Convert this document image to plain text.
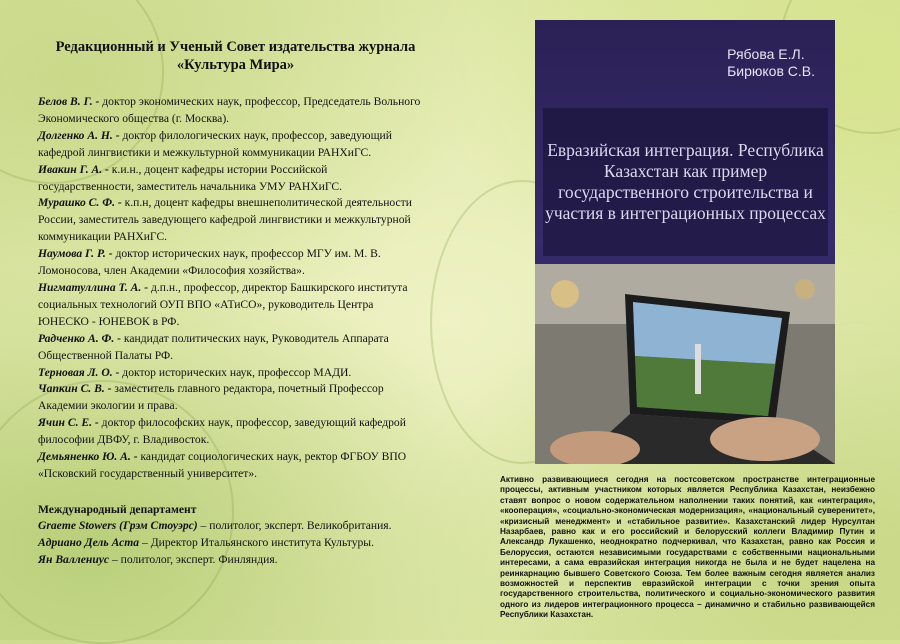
Редакционный и Ученый Совет издательства журнала «Культура Мира»

Белов В. Г. - доктор экономических наук, профессор, Председатель Вольного Экономического общества (г. Москва).

Долгенко А. Н. - доктор филологических наук, профессор, заведующий кафедрой лингвистики и межкультурной коммуникации РАНХиГС.

Ивакин Г. А. - к.и.н., доцент кафедры истории Российской государственности, заместитель начальника УМУ РАНХиГС.

Мурашко С. Ф. - к.п.н, доцент кафедры внешнеполитической деятельности России, заместитель заведующего кафедрой лингвистики и межкультурной коммуникации РАНХиГС.

Наумова Г. Р. - доктор исторических наук, профессор МГУ им. М. В. Ломоносова, член Академии «Философия хозяйства».

Нигматуллина Т. А. - д.п.н., профессор, директор Башкирского института социальных технологий ОУП ВПО «АТиСО», руководитель Центра ЮНЕСКО - ЮНЕВОК в РФ.

Радченко А. Ф. - кандидат политических наук, Руководитель Аппарата Общественной Палаты РФ.

Терновая Л. О. - доктор исторических наук, профессор МАДИ.

Чапкин С. В. - заместитель главного редактора, почетный Профессор Академии экологии и права.

Ячин С. Е. - доктор философских наук, профессор, заведующий кафедрой философии ДВФУ, г. Владивосток.

Демьяненко Ю. А. - кандидат социологических наук, ректор ФГБОУ ВПО «Псковский государственный университет».

Международный департамент

Graeme Stowers (Грэм Стоуэрс) – политолог, эксперт. Великобритания.

Адриано Дель Аста – Директор Итальянского института Культуры.

Ян Валлениус – политолог, эксперт. Финляндия.

Рябова Е.Л.
Бирюков С.В.
Евразийская интеграция. Республика Казахстан как пример государственного строительства и участия в интеграционных процессах
Активно развивающиеся сегодня на постсоветском пространстве интеграционные процессы, активным участником которых является Республика Казахстан, неизбежно ставят вопрос о новом содержательном наполнении таких понятий, как «интеграция», «кооперация», «социально-экономическая модернизация», «национальный суверенитет», «кризисный менеджмент» и «стабильное развитие». Казахстанский лидер Нурсултан Назарбаев, равно как и его российский и белорусский коллеги Владимир Путин и Александр Лукашенко, неоднократно подчеркивал, что Казахстан, равно как Россия и Белоруссия, остаются независимыми государствами с собственными национальными интересами, а сама евразийская интеграция никогда не была и не будет нацелена на реинкарнацию бывшего Советского Союза. Тем более важным сегодня является анализ возможностей и перспектив евразийской интеграции с точки зрения опыта государственного строительства, политического и социально-экономического развития одного из лидеров интеграционного процесса – динамично и стабильно развивающейся Республики Казахстан.
